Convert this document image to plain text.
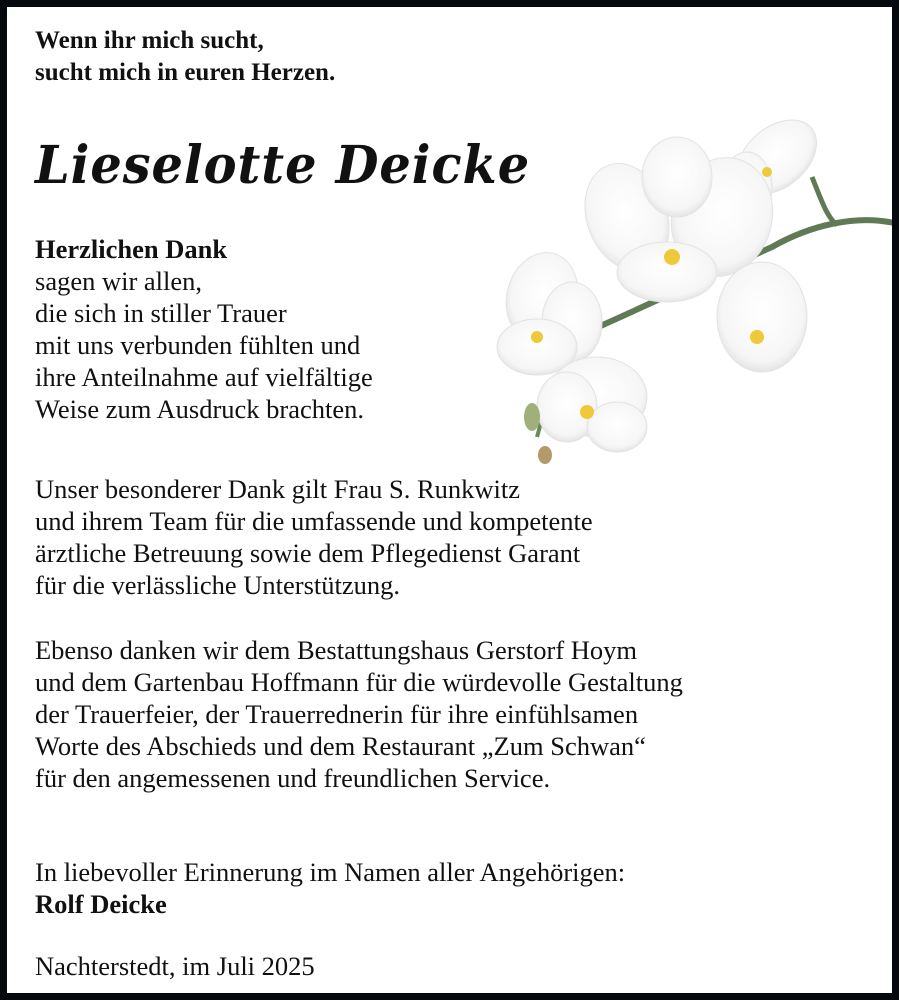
Wenn ihr mich sucht,
sucht mich in euren Herzen.
Lieselotte Deicke
Herzlichen Dank
sagen wir allen,
die sich in stiller Trauer
mit uns verbunden fühlten und
ihre Anteilnahme auf vielfältige
Weise zum Ausdruck brachten.
Unser besonderer Dank gilt Frau S. Runkwitz
und ihrem Team für die umfassende und kompetente
ärztliche Betreuung sowie dem Pflegedienst Garant
für die verlässliche Unterstützung.
Ebenso danken wir dem Bestattungshaus Gerstorf Hoym
und dem Gartenbau Hoffmann für die würdevolle Gestaltung
der Trauerfeier, der Trauerrednerin für ihre einfühlsamen
Worte des Abschieds und dem Restaurant „Zum Schwan“
für den angemessenen und freundlichen Service.
In liebevoller Erinnerung im Namen aller Angehörigen:
Rolf Deicke
Nachterstedt, im Juli 2025
